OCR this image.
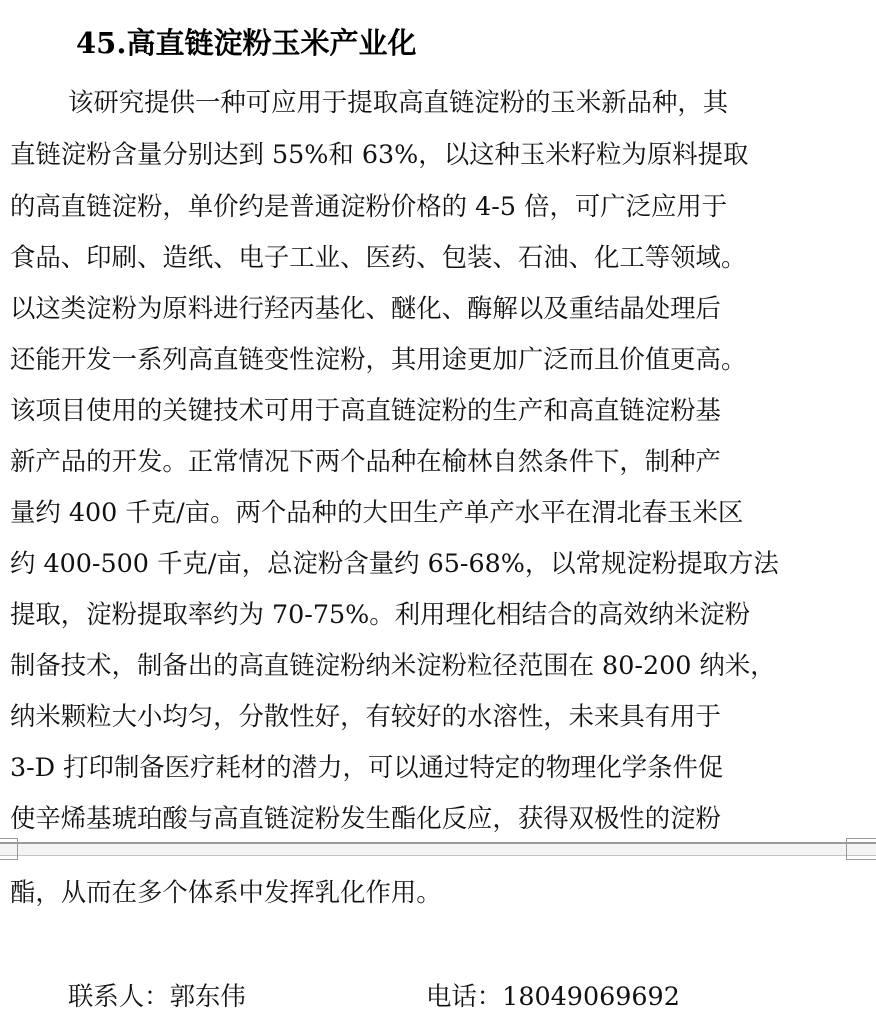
45.高直链淀粉玉米产业化
该研究提供一种可应用于提取高直链淀粉的玉米新品种，其
直链淀粉含量分别达到 55%和 63%，以这种玉米籽粒为原料提取
的高直链淀粉，单价约是普通淀粉价格的 4-5 倍，可广泛应用于
食品、印刷、造纸、电子工业、医药、包装、石油、化工等领域。
以这类淀粉为原料进行羟丙基化、醚化、酶解以及重结晶处理后
还能开发一系列高直链变性淀粉，其用途更加广泛而且价值更高。
该项目使用的关键技术可用于高直链淀粉的生产和高直链淀粉基
新产品的开发。正常情况下两个品种在榆林自然条件下，制种产
量约 400 千克/亩。两个品种的大田生产单产水平在渭北春玉米区
约 400-500 千克/亩，总淀粉含量约 65-68%，以常规淀粉提取方法
提取，淀粉提取率约为 70-75%。利用理化相结合的高效纳米淀粉
制备技术，制备出的高直链淀粉纳米淀粉粒径范围在 80-200 纳米，
纳米颗粒大小均匀，分散性好，有较好的水溶性，未来具有用于
3-D 打印制备医疗耗材的潜力，可以通过特定的物理化学条件促
使辛烯基琥珀酸与高直链淀粉发生酯化反应，获得双极性的淀粉
酯，从而在多个体系中发挥乳化作用。
联系人：郭东伟	电话：18049069692
